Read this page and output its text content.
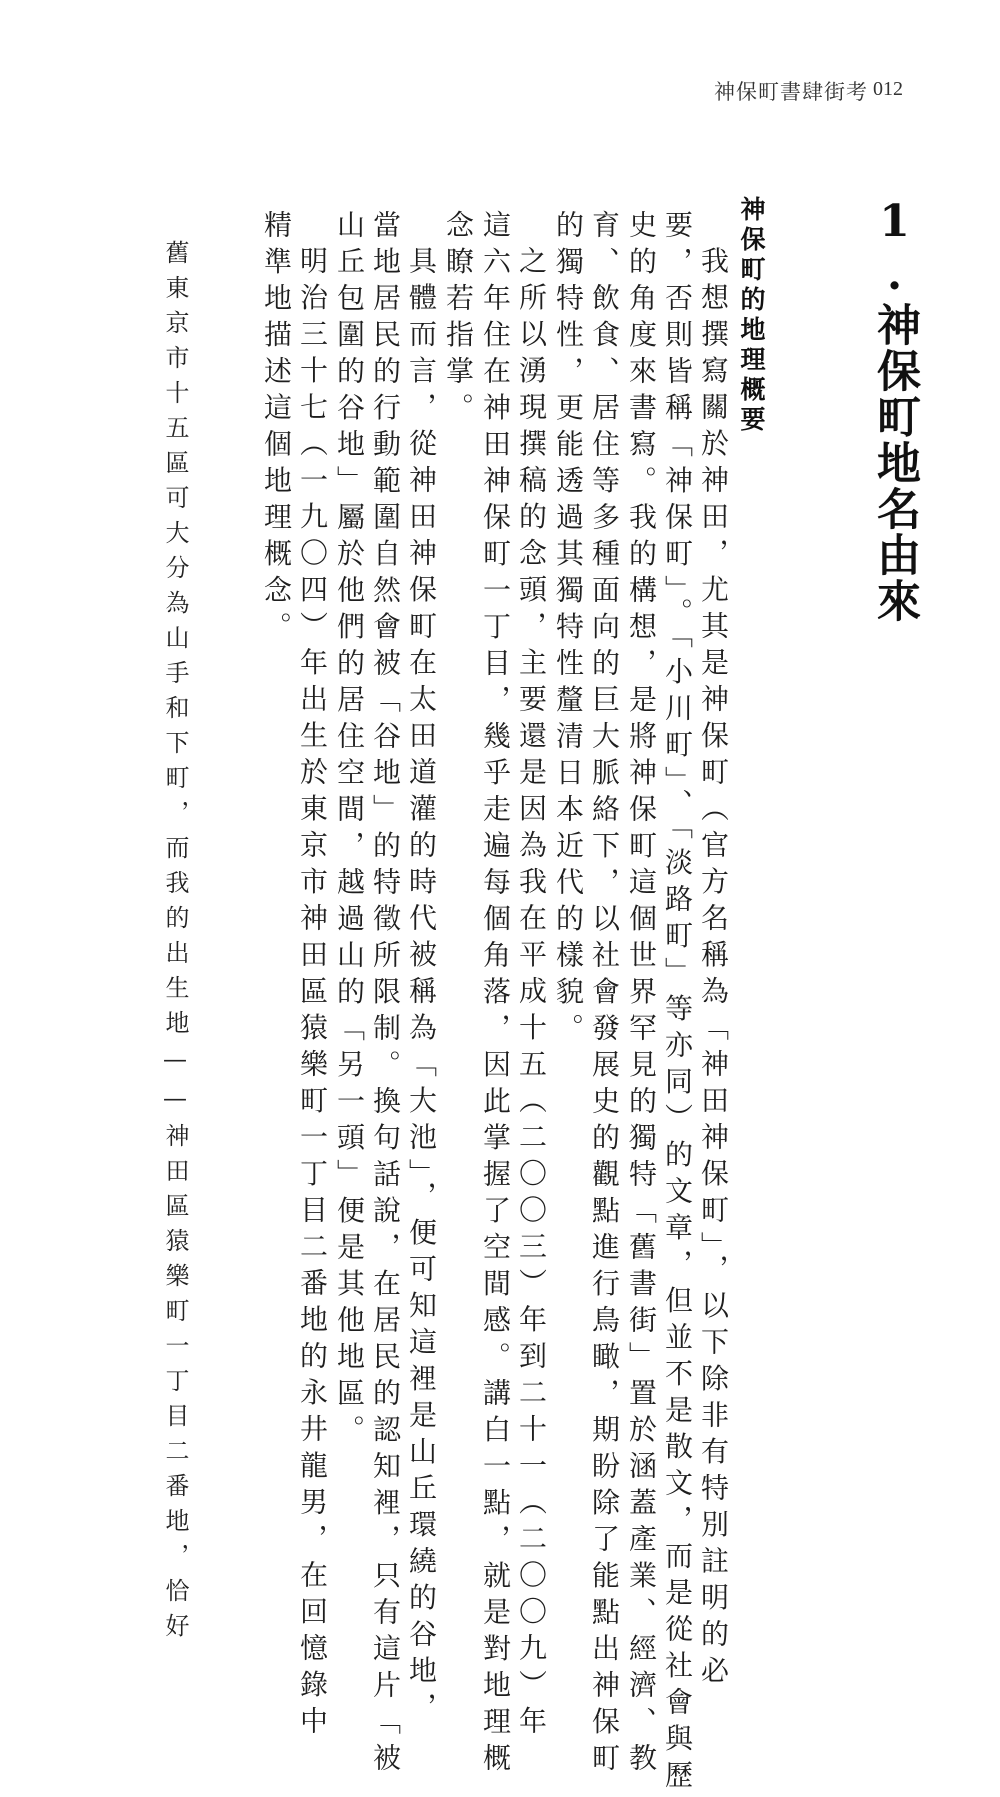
神保町書肆街考 012
1.神保町地名由來
神保町的地理概要
我想撰寫關於神田，尤其是神保町（官方名稱為「神田神保町」，以下除非有特別註明的必
要，否則皆稱「神保町」。「小川町」、「淡路町」等亦同）的文章，但並不是散文，而是從社會與歷
史的角度來書寫。我的構想，是將神保町這個世界罕見的獨特「舊書街」置於涵蓋產業、經濟、教
育、飲食、居住等多種面向的巨大脈絡下，以社會發展史的觀點進行鳥瞰，期盼除了能點出神保町
的獨特性，更能透過其獨特性釐清日本近代的樣貌。
之所以湧現撰稿的念頭，主要還是因為我在平成十五（二〇〇三）年到二十一（二〇〇九）年
這六年住在神田神保町一丁目，幾乎走遍每個角落，因此掌握了空間感。講白一點，就是對地理概
念瞭若指掌。
具體而言，從神田神保町在太田道灌的時代被稱為「大池」，便可知這裡是山丘環繞的谷地，
當地居民的行動範圍自然會被「谷地」的特徵所限制。換句話說，在居民的認知裡，只有這片「被
山丘包圍的谷地」屬於他們的居住空間，越過山的「另一頭」便是其他地區。
明治三十七（一九〇四）年出生於東京市神田區猿樂町一丁目二番地的永井龍男，在回憶錄中
精準地描述這個地理概念。
舊東京市十五區可大分為山手和下町，而我的出生地——神田區猿樂町一丁目二番地，恰好
